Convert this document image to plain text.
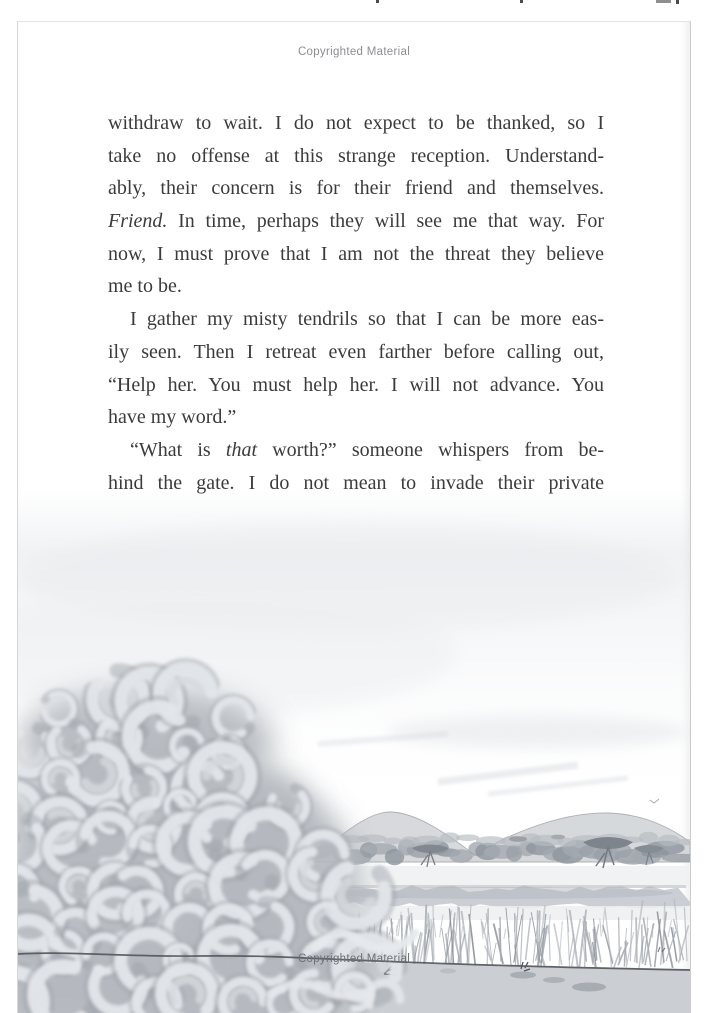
Copyrighted Material
withdraw to wait. I do not expect to be thanked, so I
take no offense at this strange reception. Understand-
ably, their concern is for their friend and themselves.
Friend. In time, perhaps they will see me that way. For
now, I must prove that I am not the threat they believe
me to be.
I gather my misty tendrils so that I can be more eas-
ily seen. Then I retreat even farther before calling out,
“Help her. You must help her. I will not advance. You
have my word.”
“What is that worth?” someone whispers from be-
hind the gate. I do not mean to invade their private
Copyrighted Material
